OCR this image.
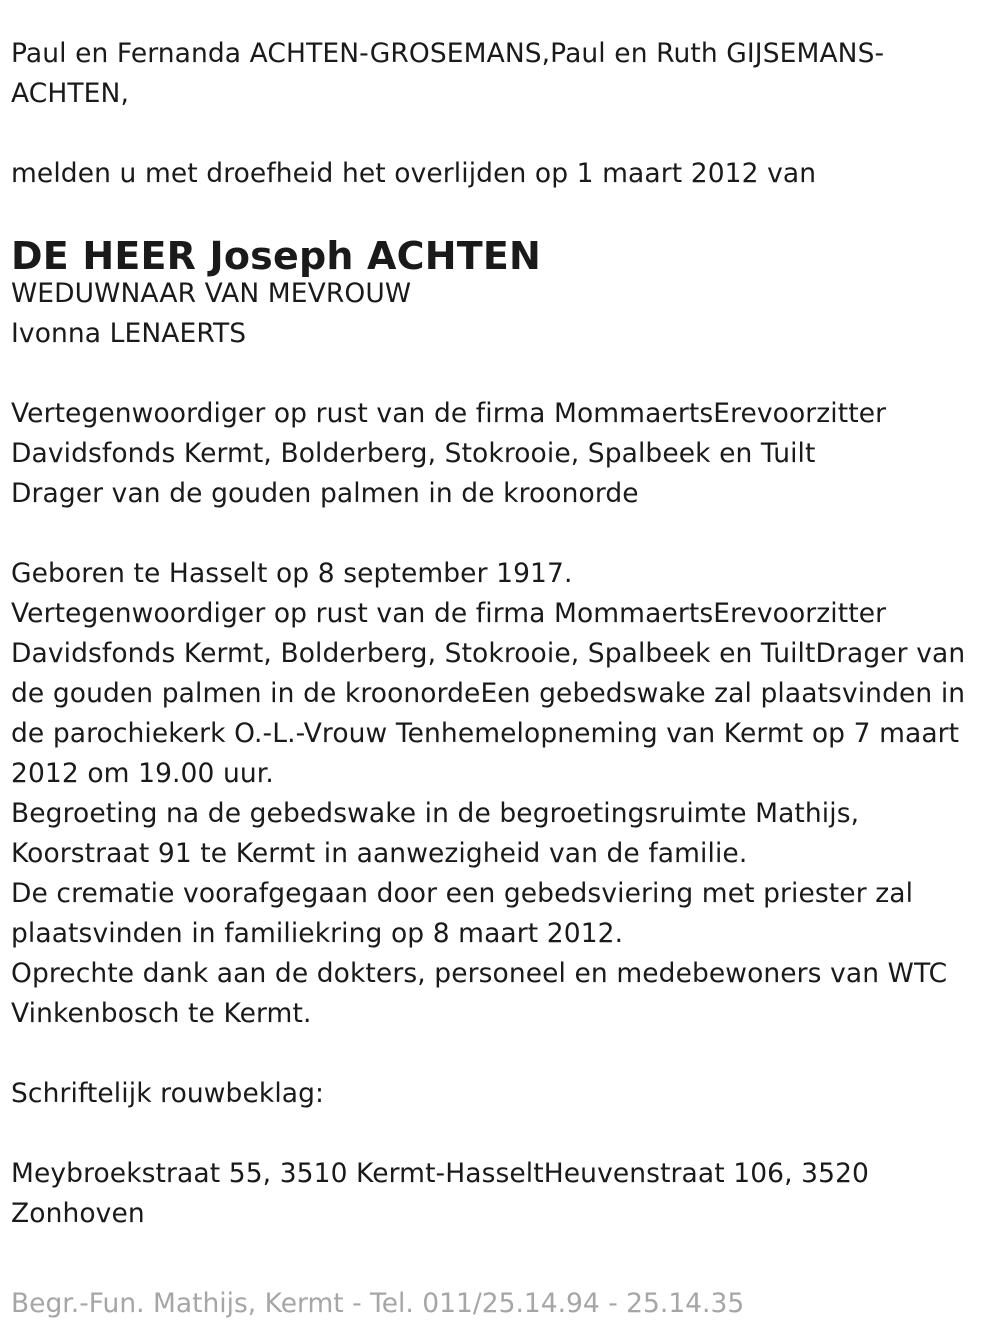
Paul en Fernanda ACHTEN-GROSEMANS,Paul en Ruth GIJSEMANS-
ACHTEN,
melden u met droefheid het overlijden op 1 maart 2012 van
DE HEER Joseph ACHTEN
WEDUWNAAR VAN MEVROUW
Ivonna LENAERTS
Vertegenwoordiger op rust van de firma MommaertsErevoorzitter
Davidsfonds Kermt, Bolderberg, Stokrooie, Spalbeek en Tuilt
Drager van de gouden palmen in de kroonorde
Geboren te Hasselt op 8 september 1917.
Vertegenwoordiger op rust van de firma MommaertsErevoorzitter
Davidsfonds Kermt, Bolderberg, Stokrooie, Spalbeek en TuiltDrager van
de gouden palmen in de kroonordeEen gebedswake zal plaatsvinden in
de parochiekerk O.-L.-Vrouw Tenhemelopneming van Kermt op 7 maart
2012 om 19.00 uur.
Begroeting na de gebedswake in de begroetingsruimte Mathijs,
Koorstraat 91 te Kermt in aanwezigheid van de familie.
De crematie voorafgegaan door een gebedsviering met priester zal
plaatsvinden in familiekring op 8 maart 2012.
Oprechte dank aan de dokters, personeel en medebewoners van WTC
Vinkenbosch te Kermt.
Schriftelijk rouwbeklag:
Meybroekstraat 55, 3510 Kermt-HasseltHeuvenstraat 106, 3520
Zonhoven
Begr.-Fun. Mathijs, Kermt - Tel. 011/25.14.94 - 25.14.35
